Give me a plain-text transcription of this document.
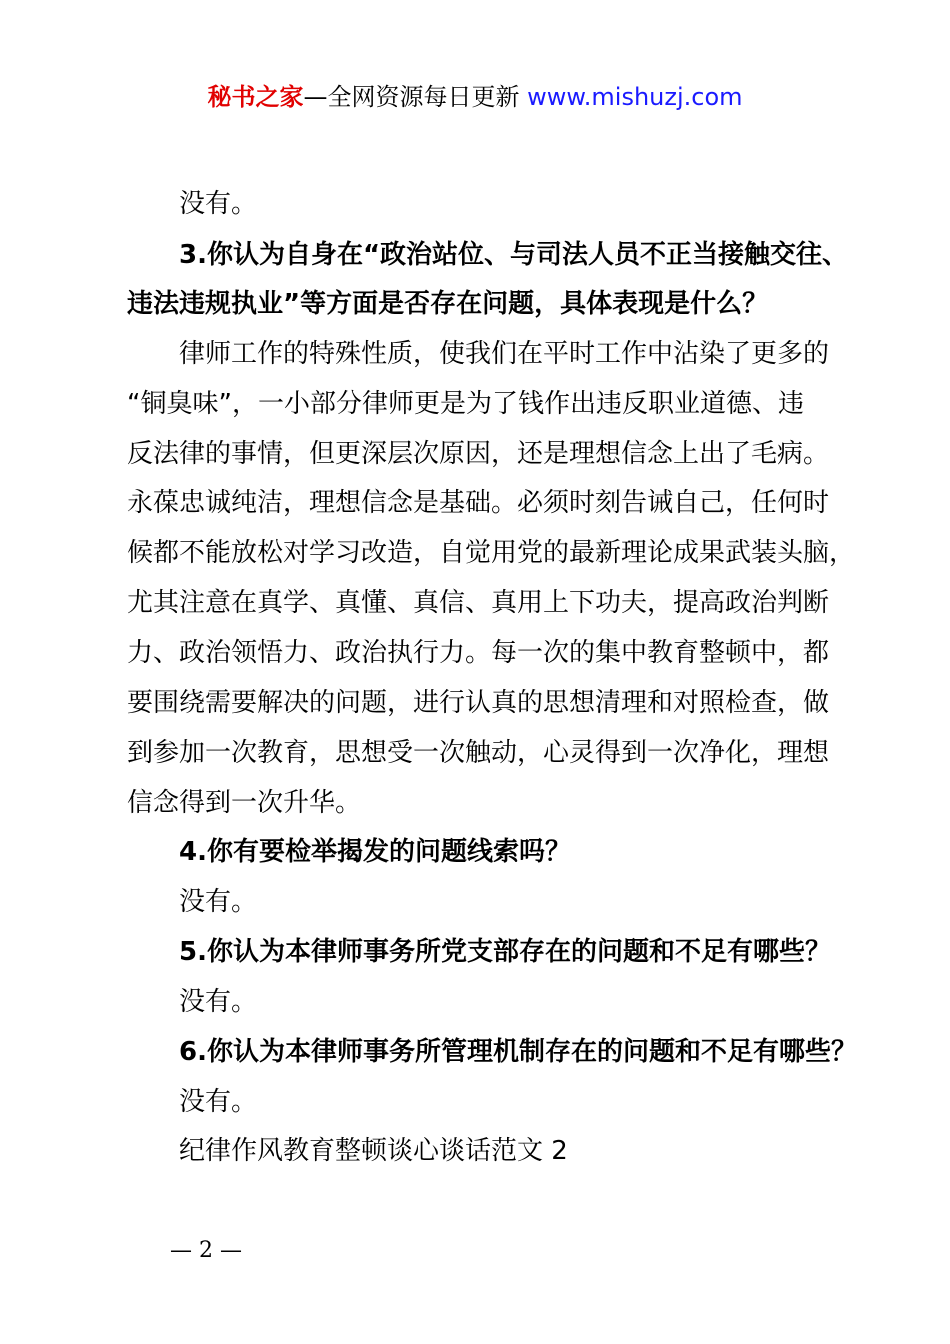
秘书之家—全网资源每日更新 www.mishuzj.com
没有。
3.你认为自身在“政治站位、与司法人员不正当接触交往、
违法违规执业”等方面是否存在问题，具体表现是什么？
律师工作的特殊性质，使我们在平时工作中沾染了更多的
“铜臭味”，一小部分律师更是为了钱作出违反职业道德、违
反法律的事情，但更深层次原因，还是理想信念上出了毛病。
永葆忠诚纯洁，理想信念是基础。必须时刻告诫自己，任何时
候都不能放松对学习改造，自觉用党的最新理论成果武装头脑，
尤其注意在真学、真懂、真信、真用上下功夫，提高政治判断
力、政治领悟力、政治执行力。每一次的集中教育整顿中，都
要围绕需要解决的问题，进行认真的思想清理和对照检查，做
到参加一次教育，思想受一次触动，心灵得到一次净化，理想
信念得到一次升华。
4.你有要检举揭发的问题线索吗？
没有。
5.你认为本律师事务所党支部存在的问题和不足有哪些？
没有。
6.你认为本律师事务所管理机制存在的问题和不足有哪些？
没有。
纪律作风教育整顿谈心谈话范文 2
— 2 —
